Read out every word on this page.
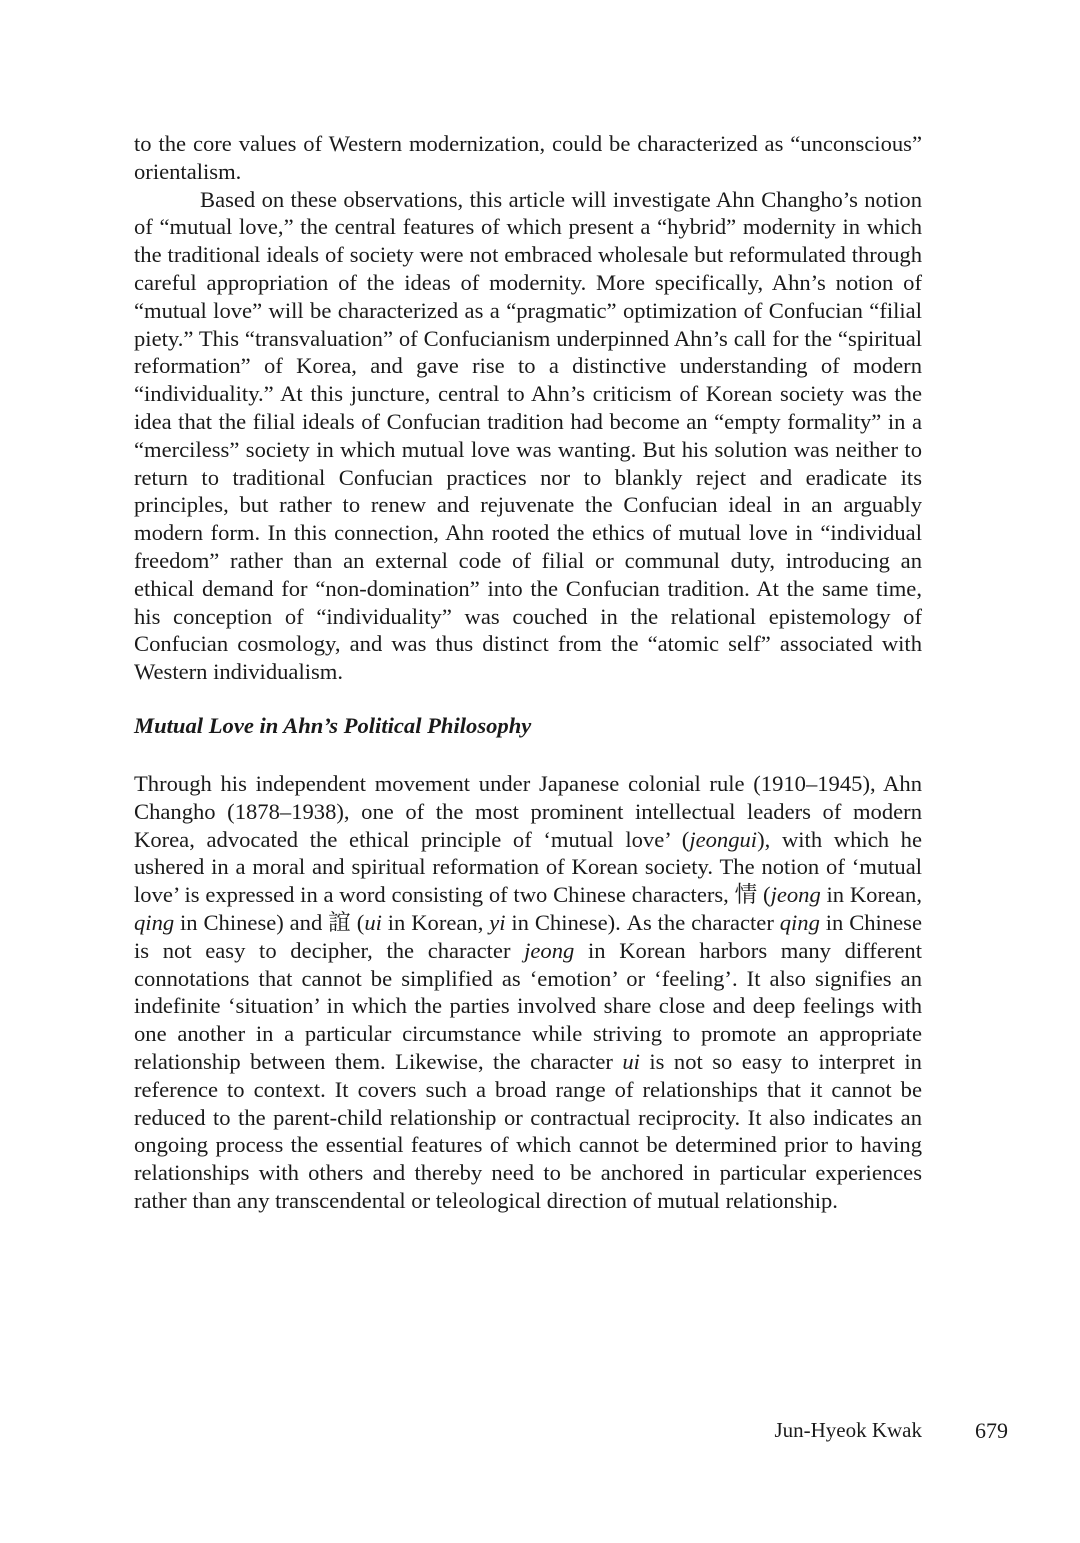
to the core values of Western modernization, could be characterized as “unconscious” orientalism.

Based on these observations, this article will investigate Ahn Changho’s notion of “mutual love,” the central features of which present a “hybrid” modernity in which the traditional ideals of society were not embraced wholesale but reformulated through careful appropriation of the ideas of modernity. More specifically, Ahn’s notion of “mutual love” will be characterized as a “pragmatic” optimization of Confucian “filial piety.” This “transvaluation” of Confucianism underpinned Ahn’s call for the “spiritual reformation” of Korea, and gave rise to a distinctive understanding of modern “individuality.” At this juncture, central to Ahn’s criticism of Korean society was the idea that the filial ideals of Confucian tradition had become an “empty formality” in a “merciless” society in which mutual love was wanting. But his solution was neither to return to traditional Confucian practices nor to blankly reject and eradicate its principles, but rather to renew and rejuvenate the Confucian ideal in an arguably modern form. In this connection, Ahn rooted the ethics of mutual love in “individual freedom” rather than an external code of filial or communal duty, introducing an ethical demand for “non-domination” into the Confucian tradition. At the same time, his conception of “individuality” was couched in the relational epistemology of Confucian cosmology, and was thus distinct from the “atomic self” associated with Western individualism.

Mutual Love in Ahn’s Political Philosophy

Through his independent movement under Japanese colonial rule (1910–1945), Ahn Changho (1878–1938), one of the most prominent intellectual leaders of modern Korea, advocated the ethical principle of ‘mutual love’ (jeongui), with which he ushered in a moral and spiritual reformation of Korean society. The notion of ‘mutual love’ is expressed in a word consisting of two Chinese characters, 情 (jeong in Korean, qing in Chinese) and 誼 (ui in Korean, yi in Chinese). As the character qing in Chinese is not easy to decipher, the character jeong in Korean harbors many different connotations that cannot be simplified as ‘emotion’ or ‘feeling’. It also signifies an indefinite ‘situation’ in which the parties involved share close and deep feelings with one another in a particular circumstance while striving to promote an appropriate relationship between them. Likewise, the character ui is not so easy to interpret in reference to context. It covers such a broad range of relationships that it cannot be reduced to the parent-child relationship or contractual reciprocity. It also indicates an ongoing process the essential features of which cannot be determined prior to having relationships with others and thereby need to be anchored in particular experiences rather than any transcendental or teleological direction of mutual relationship.

Jun-Hyeok Kwak 679
